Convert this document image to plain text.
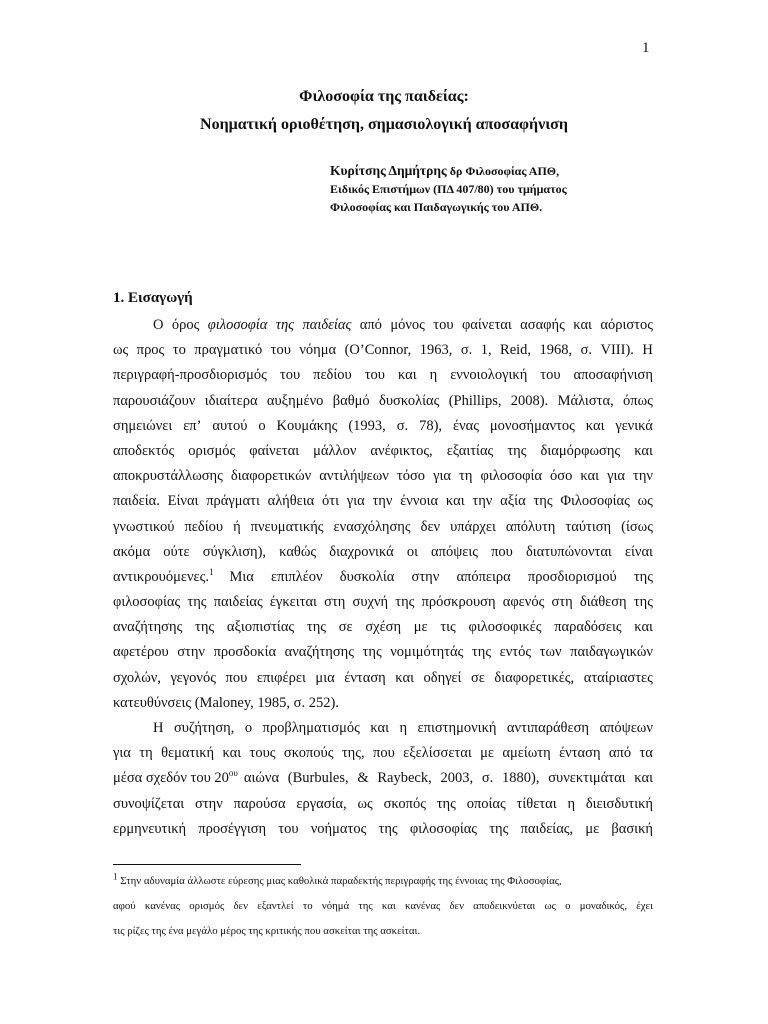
1
Φιλοσοφία της παιδείας:
Νοηματική οριοθέτηση, σημασιολογική αποσαφήνιση
Κυρίτσης Δημήτρης δρ Φιλοσοφίας ΑΠΘ,
Ειδικός Επιστήμων (ΠΔ 407/80) του τμήματος
Φιλοσοφίας και Παιδαγωγικής του ΑΠΘ.
1. Εισαγωγή
Ο όρος φιλοσοφία της παιδείας από μόνος του φαίνεται ασαφής και αόριστος
ως προς το πραγματικό του νόημα (O’Connor, 1963, σ. 1, Reid, 1968, σ. VIII). Η
περιγραφή-προσδιορισμός του πεδίου του και η εννοιολογική του αποσαφήνιση
παρουσιάζουν ιδιαίτερα αυξημένο βαθμό δυσκολίας (Phillips, 2008). Μάλιστα, όπως
σημειώνει επ’ αυτού ο Κουμάκης (1993, σ. 78), ένας μονοσήμαντος και γενικά
αποδεκτός ορισμός φαίνεται μάλλον ανέφικτος, εξαιτίας της διαμόρφωσης και
αποκρυστάλλωσης διαφορετικών αντιλήψεων τόσο για τη φιλοσοφία όσο και για την
παιδεία. Είναι πράγματι αλήθεια ότι για την έννοια και την αξία της Φιλοσοφίας ως
γνωστικού πεδίου ή πνευματικής ενασχόλησης δεν υπάρχει απόλυτη ταύτιση (ίσως
ακόμα ούτε σύγκλιση), καθώς διαχρονικά οι απόψεις που διατυπώνονται είναι
αντικρουόμενες.$^1$ Μια επιπλέον δυσκολία στην απόπειρα προσδιορισμού της
φιλοσοφίας της παιδείας έγκειται στη συχνή της πρόσκρουση αφενός στη διάθεση της
αναζήτησης της αξιοπιστίας της σε σχέση με τις φιλοσοφικές παραδόσεις και
αφετέρου στην προσδοκία αναζήτησης της νομιμότητάς της εντός των παιδαγωγικών
σχολών, γεγονός που επιφέρει μια ένταση και οδηγεί σε διαφορετικές, αταίριαστες
κατευθύνσεις (Maloney, 1985, σ. 252).
Η συζήτηση, ο προβληματισμός και η επιστημονική αντιπαράθεση απόψεων
για τη θεματική και τους σκοπούς της, που εξελίσσεται με αμείωτη ένταση από τα
μέσα σχεδόν του $20^{o\upsilon}$ αιώνα (Burbules, & Raybeck, 2003, σ. 1880), συνεκτιμάται και
συνοψίζεται στην παρούσα εργασία, ως σκοπός της οποίας τίθεται η διεισδυτική
ερμηνευτική προσέγγιση του νοήματος της φιλοσοφίας της παιδείας, με βασική
$^1$ Στην αδυναμία άλλωστε εύρεσης μιας καθολικά παραδεκτής περιγραφής της έννοιας της Φιλοσοφίας,
αφού κανένας ορισμός δεν εξαντλεί το νόημά της και κανένας δεν αποδεικνύεται ως ο μοναδικός, έχει
τις ρίζες της ένα μεγάλο μέρος της κριτικής που ασκείται της ασκείται.
